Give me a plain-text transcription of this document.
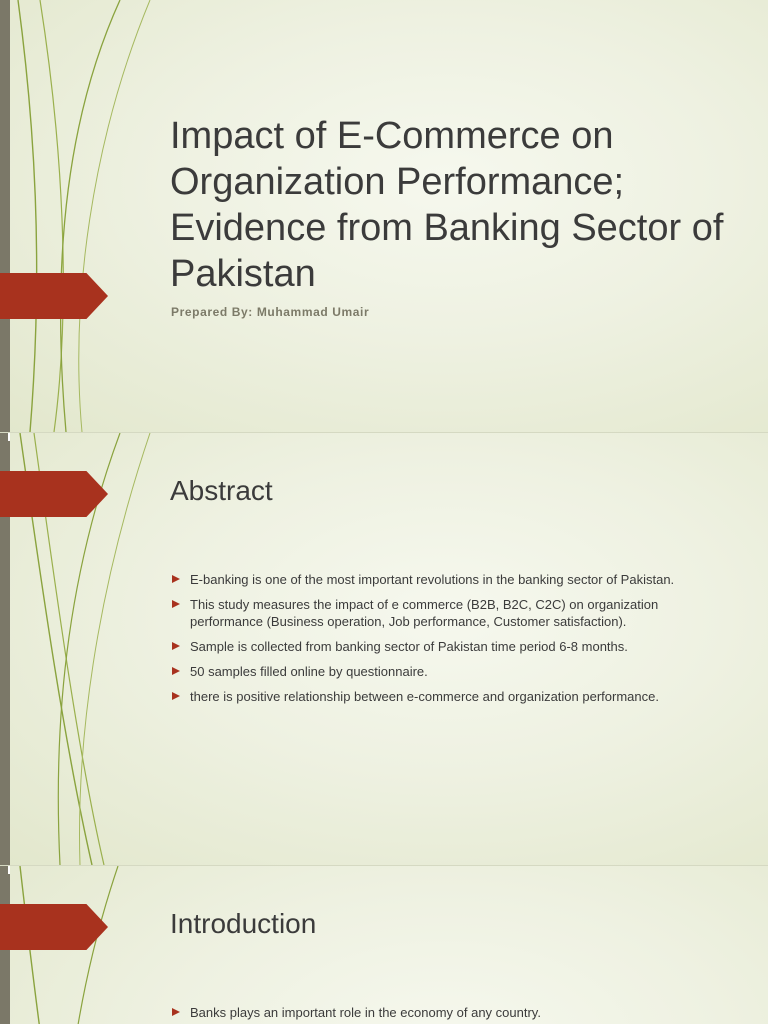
Impact of E-Commerce on Organization Performance; Evidence from Banking Sector of Pakistan

Prepared By: Muhammad Umair

Abstract
E-banking is one of the most important revolutions in the banking sector of Pakistan.
This study measures the impact of e commerce (B2B, B2C, C2C) on organization performance (Business operation, Job performance, Customer satisfaction).
Sample is collected from banking sector of Pakistan time period 6-8 months.
50 samples filled online by questionnaire.
there is positive relationship between e-commerce and organization performance.
Introduction
Banks plays an important role in the economy of any country.
